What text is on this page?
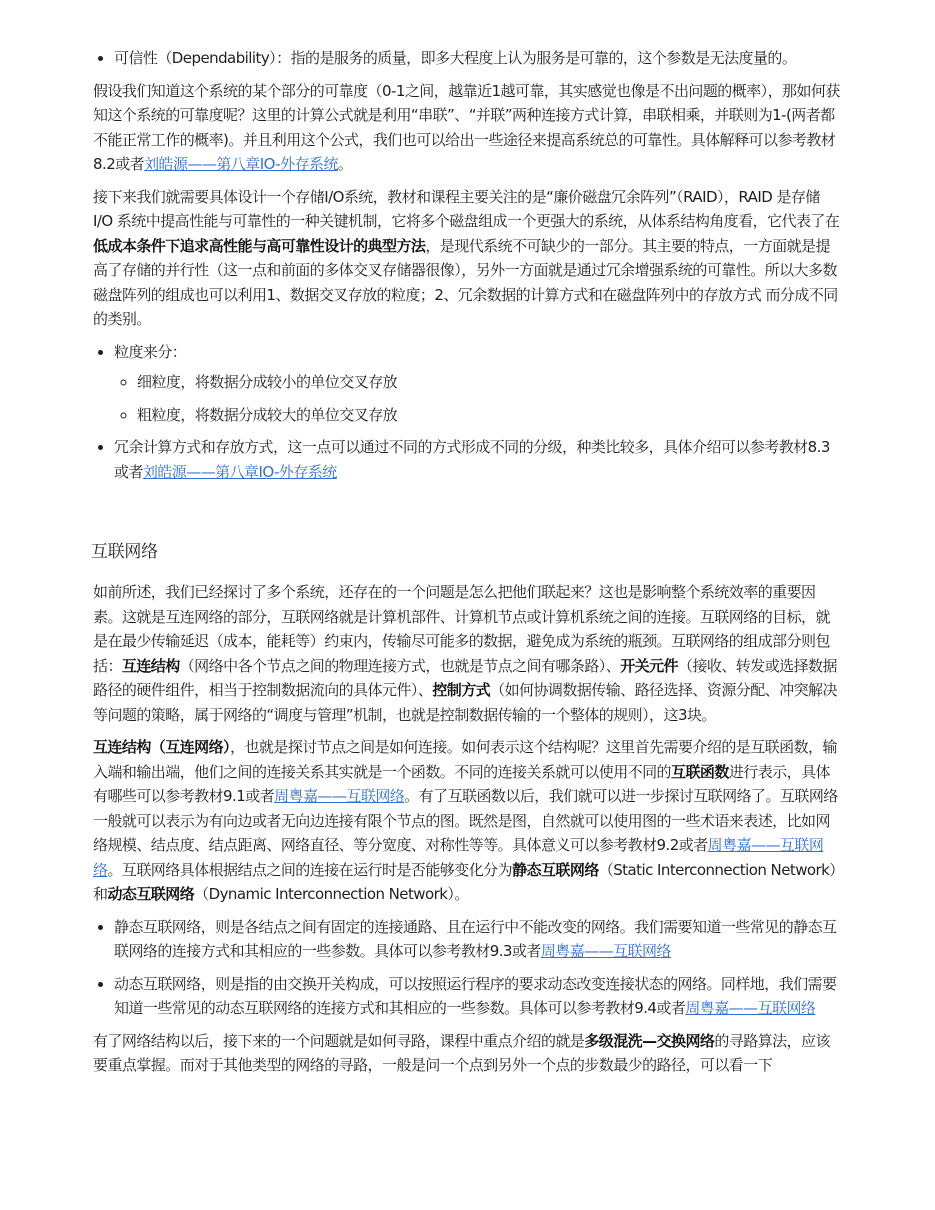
• 可信性（Dependability）：指的是服务的质量，即多大程度上认为服务是可靠的，这个参数是无法度量的。

假设我们知道这个系统的某个部分的可靠度（0-1之间，越靠近1越可靠，其实感觉也像是不出问题的概率），那如何获知这个系统的可靠度呢？这里的计算公式就是利用“串联”、“并联”两种连接方式计算，串联相乘，并联则为1-(两者都不能正常工作的概率)。并且利用这个公式，我们也可以给出一些途径来提高系统总的可靠性。具体解释可以参考教材8.2或者刘皓源——第八章IO-外存系统。

接下来我们就需要具体设计一个存储I/O系统，教材和课程主要关注的是“廉价磁盘冗余阵列”（RAID），RAID 是存储 I/O 系统中提高性能与可靠性的一种关键机制，它将多个磁盘组成一个更强大的系统，从体系结构角度看，它代表了在低成本条件下追求高性能与高可靠性设计的典型方法，是现代系统不可缺少的一部分。其主要的特点，一方面就是提高了存储的并行性（这一点和前面的多体交叉存储器很像），另外一方面就是通过冗余增强系统的可靠性。所以大多数磁盘阵列的组成也可以利用1、数据交叉存放的粒度；2、冗余数据的计算方式和在磁盘阵列中的存放方式 而分成不同的类别。

• 粒度来分：
◦ 细粒度，将数据分成较小的单位交叉存放
◦ 粗粒度，将数据分成较大的单位交叉存放
• 冗余计算方式和存放方式，这一点可以通过不同的方式形成不同的分级，种类比较多，具体介绍可以参考教材8.3或者刘皓源——第八章IO-外存系统
互联网络

如前所述，我们已经探讨了多个系统，还存在的一个问题是怎么把他们联起来？这也是影响整个系统效率的重要因素。这就是互连网络的部分，互联网络就是计算机部件、计算机节点或计算机系统之间的连接。互联网络的目标，就是在最少传输延迟（成本，能耗等）约束内，传输尽可能多的数据，避免成为系统的瓶颈。互联网络的组成部分则包括：互连结构（网络中各个节点之间的物理连接方式，也就是节点之间有哪条路）、开关元件（接收、转发或选择数据路径的硬件组件，相当于控制数据流向的具体元件）、控制方式（如何协调数据传输、路径选择、资源分配、冲突解决等问题的策略，属于网络的“调度与管理”机制，也就是控制数据传输的一个整体的规则），这3块。

互连结构（互连网络），也就是探讨节点之间是如何连接。如何表示这个结构呢？这里首先需要介绍的是互联函数，输入端和输出端，他们之间的连接关系其实就是一个函数。不同的连接关系就可以使用不同的互联函数进行表示，具体有哪些可以参考教材9.1或者周粤嘉——互联网络。有了互联函数以后，我们就可以进一步探讨互联网络了。互联网络一般就可以表示为有向边或者无向边连接有限个节点的图。既然是图，自然就可以使用图的一些术语来表述，比如网络规模、结点度、结点距离、网络直径、等分宽度、对称性等等。具体意义可以参考教材9.2或者周粤嘉——互联网络。互联网络具体根据结点之间的连接在运行时是否能够变化分为静态互联网络（Static Interconnection Network）和动态互联网络（Dynamic Interconnection Network）。

• 静态互联网络，则是各结点之间有固定的连接通路、且在运行中不能改变的网络。我们需要知道一些常见的静态互联网络的连接方式和其相应的一些参数。具体可以参考教材9.3或者周粤嘉——互联网络
• 动态互联网络，则是指的由交换开关构成，可以按照运行程序的要求动态改变连接状态的网络。同样地，我们需要知道一些常见的动态互联网络的连接方式和其相应的一些参数。具体可以参考教材9.4或者周粤嘉——互联网络

有了网络结构以后，接下来的一个问题就是如何寻路，课程中重点介绍的就是多级混洗—交换网络的寻路算法，应该要重点掌握。而对于其他类型的网络的寻路，一般是问一个点到另外一个点的步数最少的路径，可以看一下
